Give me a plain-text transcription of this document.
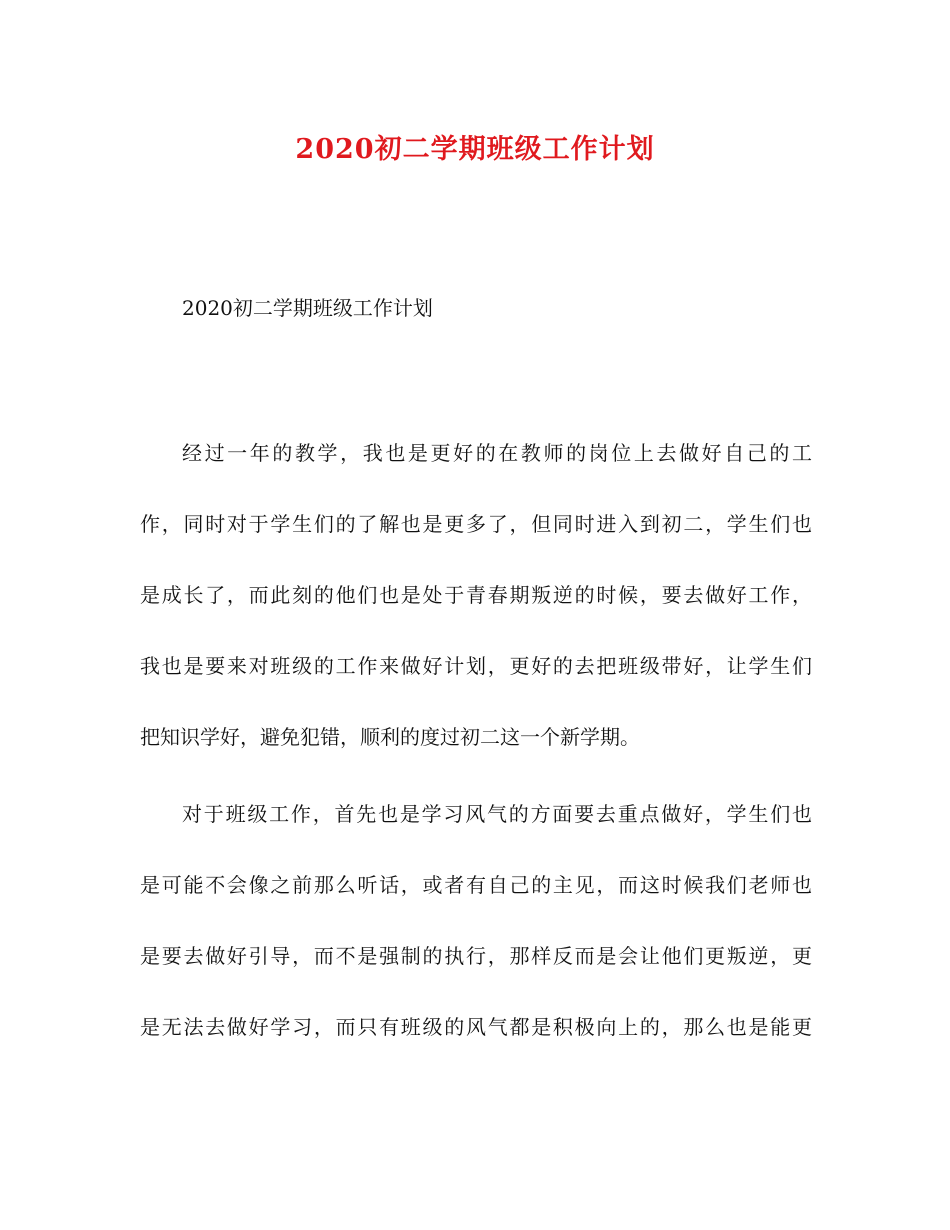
2020初二学期班级工作计划
2020初二学期班级工作计划
经过一年的教学，我也是更好的在教师的岗位上去做好自己的工
作，同时对于学生们的了解也是更多了，但同时进入到初二，学生们也
是成长了，而此刻的他们也是处于青春期叛逆的时候，要去做好工作，
我也是要来对班级的工作来做好计划，更好的去把班级带好，让学生们
把知识学好，避免犯错，顺利的度过初二这一个新学期。
对于班级工作，首先也是学习风气的方面要去重点做好，学生们也
是可能不会像之前那么听话，或者有自己的主见，而这时候我们老师也
是要去做好引导，而不是强制的执行，那样反而是会让他们更叛逆，更
是无法去做好学习，而只有班级的风气都是积极向上的，那么也是能更
